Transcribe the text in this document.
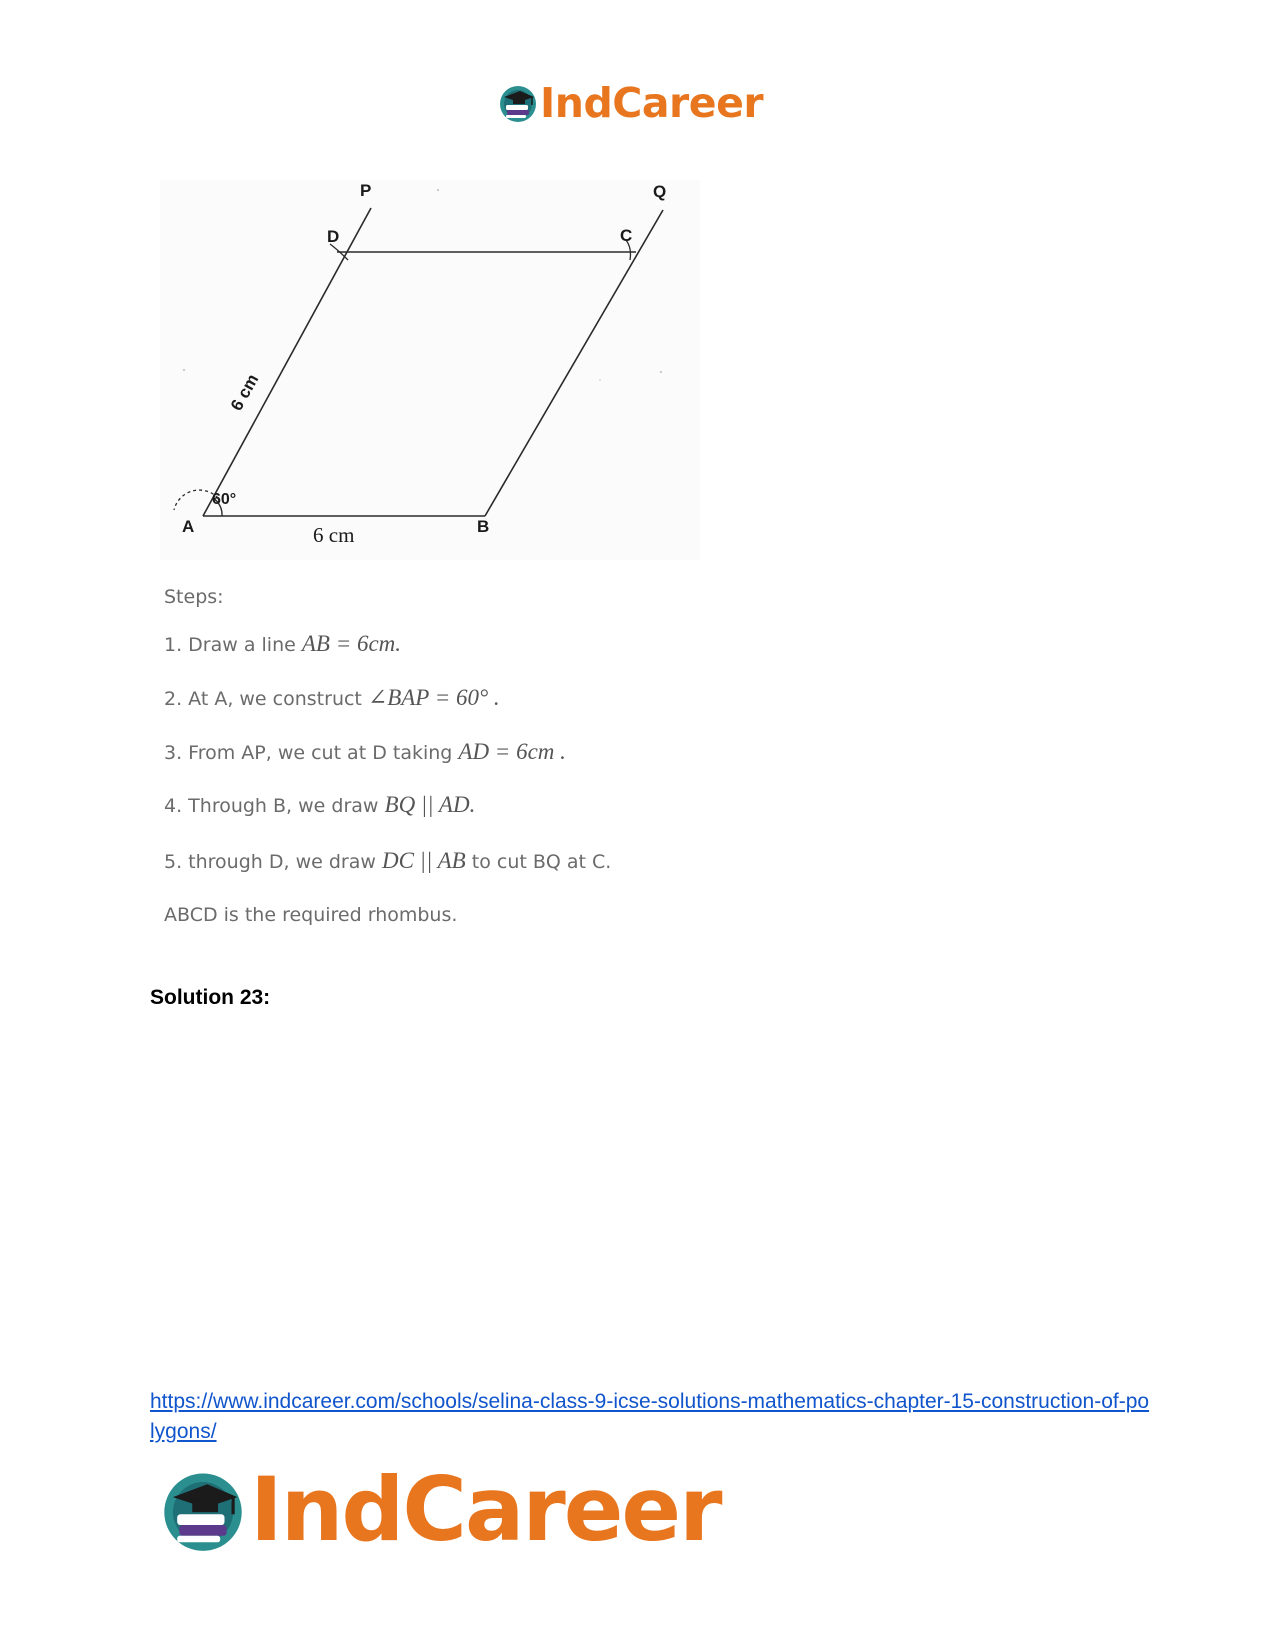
IndCareer
P	Q
D	C
A	B
60°
6 cm
6 cm
Steps:
1. Draw a line AB = 6cm.
2. At A, we construct ∠BAP = 60° .
3. From AP, we cut at D taking AD = 6cm .
4. Through B, we draw BQ || AD.
5. through D, we draw DC || AB to cut BQ at C.
ABCD is the required rhombus.
Solution 23:
https://www.indcareer.com/schools/selina-class-9-icse-solutions-mathematics-chapter-15-construction-of-polygons/
IndCareer
